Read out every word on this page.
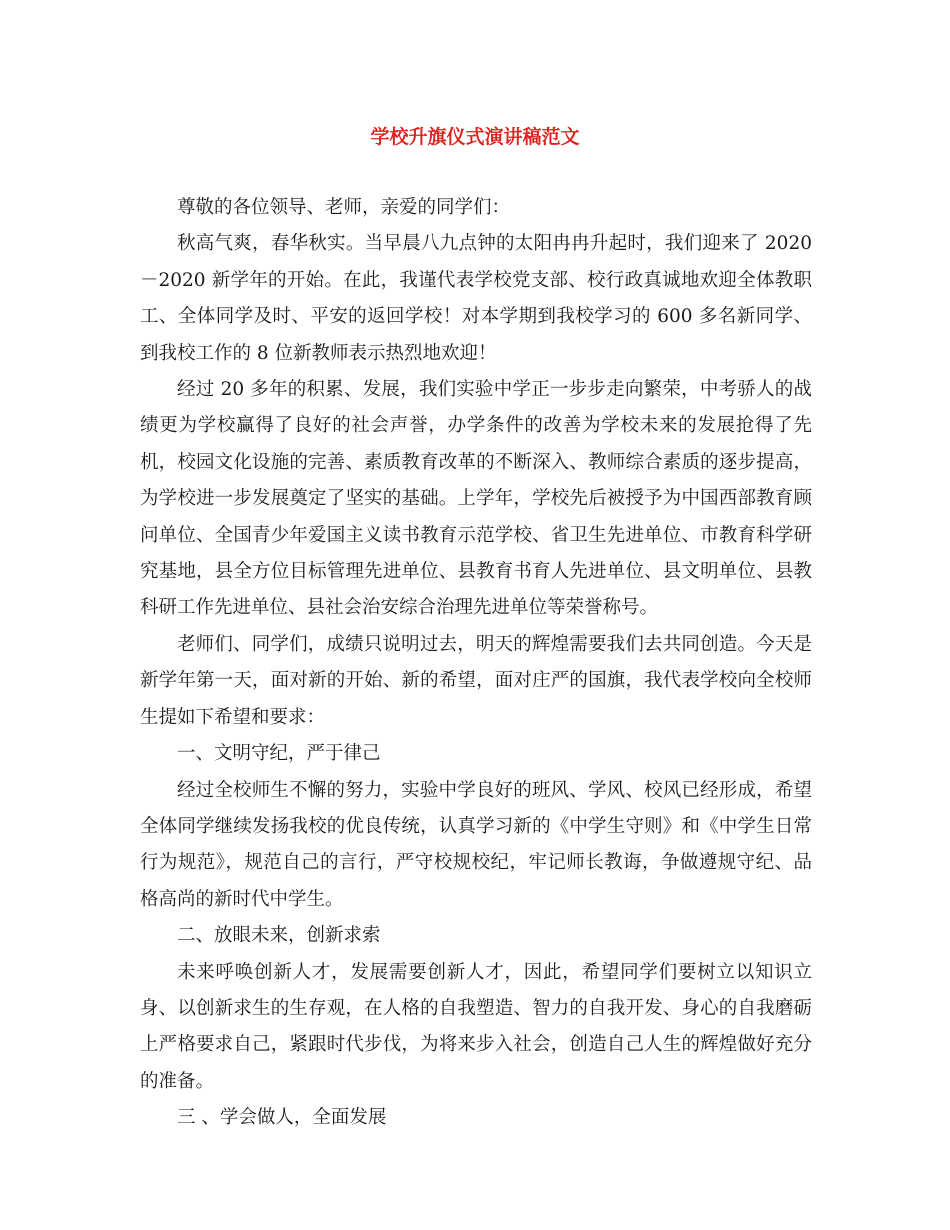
学校升旗仪式演讲稿范文

尊敬的各位领导、老师，亲爱的同学们：

秋高气爽，春华秋实。当早晨八九点钟的太阳冉冉升起时，我们迎来了 2020－2020 新学年的开始。在此，我谨代表学校党支部、校行政真诚地欢迎全体教职工、全体同学及时、平安的返回学校！对本学期到我校学习的 600 多名新同学、到我校工作的 8 位新教师表示热烈地欢迎！

经过 20 多年的积累、发展，我们实验中学正一步步走向繁荣，中考骄人的战绩更为学校赢得了良好的社会声誉，办学条件的改善为学校未来的发展抢得了先机，校园文化设施的完善、素质教育改革的不断深入、教师综合素质的逐步提高，为学校进一步发展奠定了坚实的基础。上学年，学校先后被授予为中国西部教育顾问单位、全国青少年爱国主义读书教育示范学校、省卫生先进单位、市教育科学研究基地，县全方位目标管理先进单位、县教育书育人先进单位、县文明单位、县教科研工作先进单位、县社会治安综合治理先进单位等荣誉称号。

老师们、同学们，成绩只说明过去，明天的辉煌需要我们去共同创造。今天是新学年第一天，面对新的开始、新的希望，面对庄严的国旗，我代表学校向全校师生提如下希望和要求：

一、文明守纪，严于律己

经过全校师生不懈的努力，实验中学良好的班风、学风、校风已经形成，希望全体同学继续发扬我校的优良传统，认真学习新的《中学生守则》和《中学生日常行为规范》，规范自己的言行，严守校规校纪，牢记师长教诲，争做遵规守纪、品格高尚的新时代中学生。

二、放眼未来，创新求索

未来呼唤创新人才，发展需要创新人才，因此，希望同学们要树立以知识立身、以创新求生的生存观，在人格的自我塑造、智力的自我开发、身心的自我磨砺上严格要求自己，紧跟时代步伐，为将来步入社会，创造自己人生的辉煌做好充分的准备。

三 、学会做人，全面发展
